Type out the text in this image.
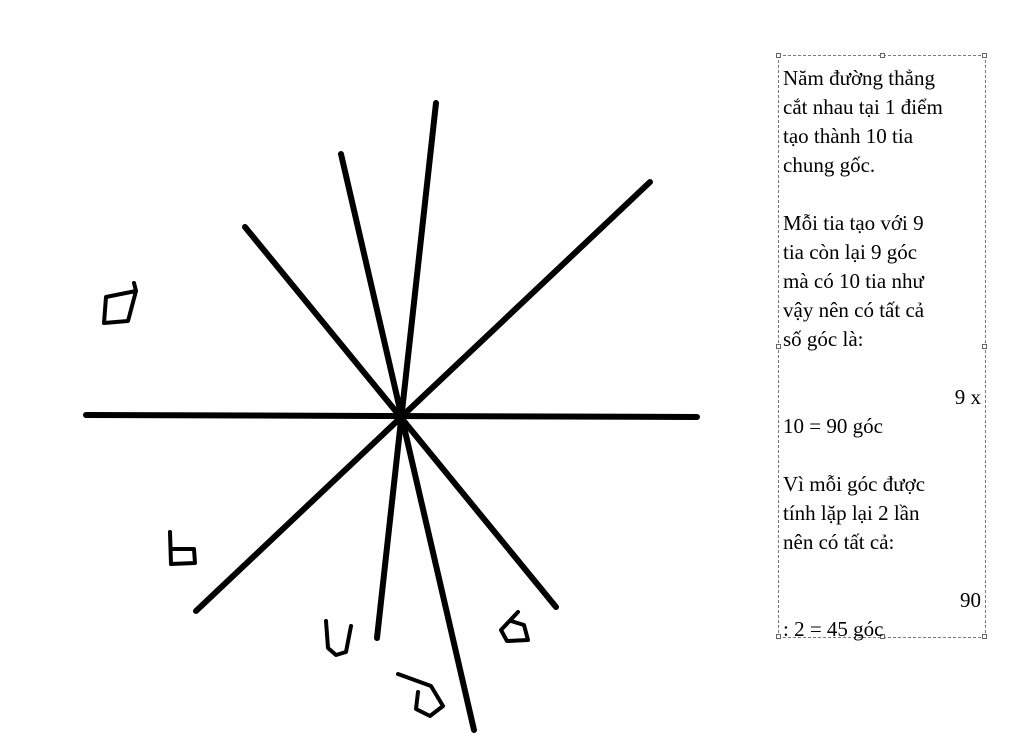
Năm đường thẳng
cắt nhau tại 1 điểm
tạo thành 10 tia
chung gốc.

Mỗi tia tạo với 9
tia còn lại 9 góc
mà có 10 tia như
vậy nên có tất cả
số góc là:

9 x

10 = 90 góc

Vì mỗi góc được
tính lặp lại 2 lần
nên có tất cả:

90

: 2 = 45 góc
